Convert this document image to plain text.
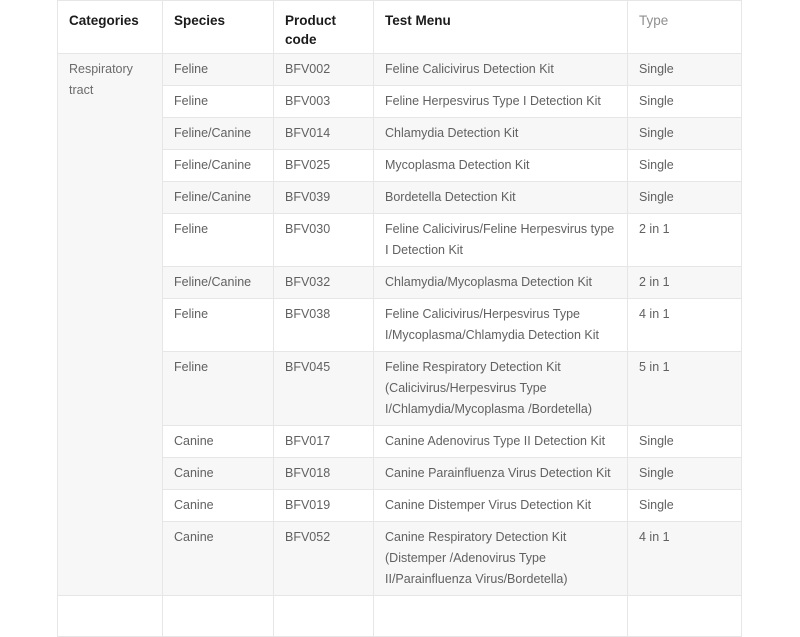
Categories	Species	Product code	Test Menu	Type
Respiratory tract	Feline	BFV002	Feline Calicivirus Detection Kit	Single
	Feline	BFV003	Feline Herpesvirus Type I Detection Kit	Single
	Feline/Canine	BFV014	Chlamydia Detection Kit	Single
	Feline/Canine	BFV025	Mycoplasma Detection Kit	Single
	Feline/Canine	BFV039	Bordetella Detection Kit	Single
	Feline	BFV030	Feline Calicivirus/Feline Herpesvirus type Ⅰ Detection Kit	2 in 1
	Feline/Canine	BFV032	Chlamydia/Mycoplasma Detection Kit	2 in 1
	Feline	BFV038	Feline Calicivirus/Herpesvirus Type I/Mycoplasma/Chlamydia Detection Kit	4 in 1
	Feline	BFV045	Feline Respiratory Detection Kit (Calicivirus/Herpesvirus Type I/Chlamydia/Mycoplasma /Bordetella)	5 in 1
	Canine	BFV017	Canine Adenovirus Type II Detection Kit	Single
	Canine	BFV018	Canine Parainfluenza Virus Detection Kit	Single
	Canine	BFV019	Canine Distemper Virus Detection Kit	Single
	Canine	BFV052	Canine Respiratory Detection Kit (Distemper /Adenovirus Type II/Parainfluenza Virus/Bordetella)	4 in 1
